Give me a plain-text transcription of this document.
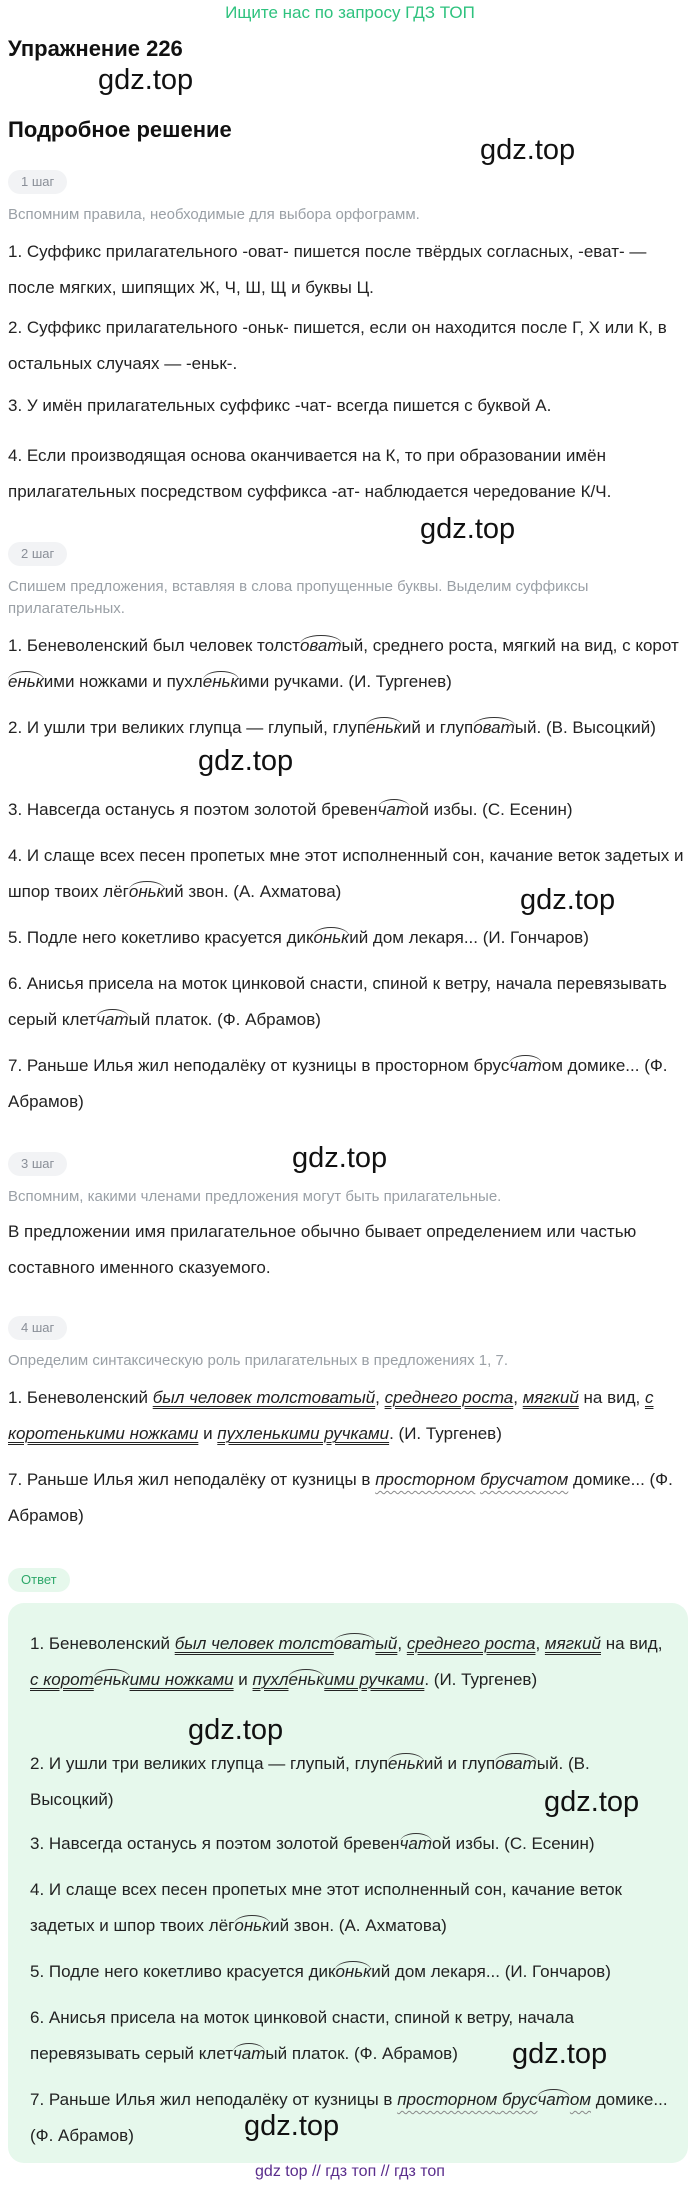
Ищите нас по запросу ГДЗ ТОП
Упражнение 226
gdz.top
Подробное решение
gdz.top
1 шаг
Вспомним правила, необходимые для выбора орфограмм.
1. Суффикс прилагательного -оват- пишется после твёрдых согласных, -еват- — после мягких, шипящих Ж, Ч, Ш, Щ и буквы Ц.
2. Суффикс прилагательного -оньк- пишется, если он находится после Г, Х или К, в остальных случаях — -еньк-.
3. У имён прилагательных суффикс -чат- всегда пишется с буквой А.
4. Если производящая основа оканчивается на К, то при образовании имён прилагательных посредством суффикса -ат- наблюдается чередование К/Ч.
gdz.top
2 шаг
Спишем предложения, вставляя в слова пропущенные буквы. Выделим суффиксы прилагательных.
1. Беневоленский был человек толстоватый, среднего роста, мягкий на вид, с коротенькими ножками и пухленькими ручками. (И. Тургенев)
2. И ушли три великих глупца — глупый, глупенький и глуповатый. (В. Высоцкий)
gdz.top
3. Навсегда останусь я поэтом золотой бревенчатой избы. (С. Есенин)
4. И слаще всех песен пропетых мне этот исполненный сон, качание веток задетых и шпор твоих лёгонький звон. (А. Ахматова)	gdz.top
5. Подле него кокетливо красуется диконький дом лекаря... (И. Гончаров)
6. Анисья присела на моток цинковой снасти, спиной к ветру, начала перевязывать серый клетчатый платок. (Ф. Абрамов)
7. Раньше Илья жил неподалёку от кузницы в просторном брусчатом домике... (Ф. Абрамов)
gdz.top
3 шаг
Вспомним, какими членами предложения могут быть прилагательные.
В предложении имя прилагательное обычно бывает определением или частью составного именного сказуемого.
4 шаг
Определим синтаксическую роль прилагательных в предложениях 1, 7.
1. Беневоленский был человек толстоватый, среднего роста, мягкий на вид, с коротенькими ножками и пухленькими ручками. (И. Тургенев)
7. Раньше Илья жил неподалёку от кузницы в просторном брусчатом домике... (Ф. Абрамов)
Ответ
1. Беневоленский был человек толстоватый, среднего роста, мягкий на вид, с коротенькими ножками и пухленькими ручками. (И. Тургенев)
gdz.top
2. И ушли три великих глупца — глупый, глупенький и глуповатый. (В. Высоцкий)	gdz.top
3. Навсегда останусь я поэтом золотой бревенчатой избы. (С. Есенин)
4. И слаще всех песен пропетых мне этот исполненный сон, качание веток задетых и шпор твоих лёгонький звон. (А. Ахматова)
5. Подле него кокетливо красуется диконький дом лекаря... (И. Гончаров)
6. Анисья присела на моток цинковой снасти, спиной к ветру, начала перевязывать серый клетчатый платок. (Ф. Абрамов)	gdz.top
7. Раньше Илья жил неподалёку от кузницы в просторном брусчатом домике... (Ф. Абрамов)	gdz.top
gdz top // гдз топ // гдз топ
